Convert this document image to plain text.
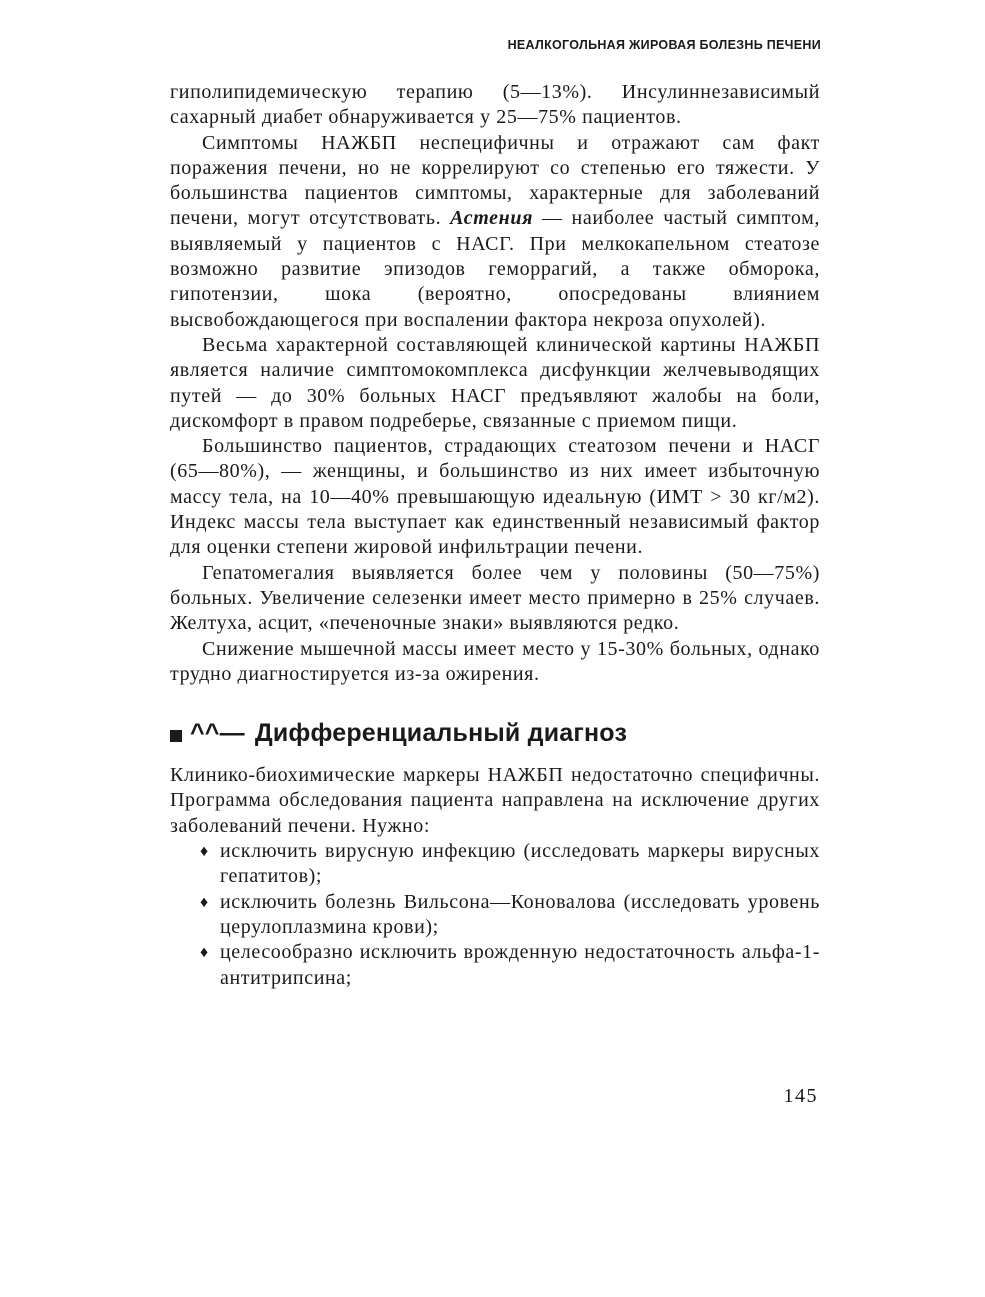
НЕАЛКОГОЛЬНАЯ ЖИРОВАЯ БОЛЕЗНЬ ПЕЧЕНИ

гиполипидемическую терапию (5—13%). Инсулиннезависимый сахарный диабет обнаруживается у 25—75% пациентов.

Симптомы НАЖБП неспецифичны и отражают сам факт поражения печени, но не коррелируют со степенью его тяжести. У большинства пациентов симптомы, характерные для заболеваний печени, могут отсутствовать. Астения — наиболее частый симптом, выявляемый у пациентов с НАСГ. При мелкокапельном стеатозе возможно развитие эпизодов геморрагий, а также обморока, гипотензии, шока (вероятно, опосредованы влиянием высвобождающегося при воспалении фактора некроза опухолей).

Весьма характерной составляющей клинической картины НАЖБП является наличие симптомокомплекса дисфункции желчевыводящих путей — до 30% больных НАСГ предъявляют жалобы на боли, дискомфорт в правом подреберье, связанные с приемом пищи.

Большинство пациентов, страдающих стеатозом печени и НАСГ (65—80%), — женщины, и большинство из них имеет избыточную массу тела, на 10—40% превышающую идеальную (ИМТ > 30 кг/м2). Индекс массы тела выступает как единственный независимый фактор для оценки степени жировой инфильтрации печени.

Гепатомегалия выявляется более чем у половины (50—75%) больных. Увеличение селезенки имеет место примерно в 25% случаев. Желтуха, асцит, «печеночные знаки» выявляются редко.

Снижение мышечной массы имеет место у 15-30% больных, однако трудно диагностируется из-за ожирения.

^^— Дифференциальный диагноз

Клинико-биохимические маркеры НАЖБП недостаточно специфичны. Программа обследования пациента направлена на исключение других заболеваний печени. Нужно:

♦ исключить вирусную инфекцию (исследовать маркеры вирусных гепатитов);
♦ исключить болезнь Вильсона—Коновалова (исследовать уровень церулоплазмина крови);
♦ целесообразно исключить врожденную недостаточность альфа-1-антитрипсина;
145
